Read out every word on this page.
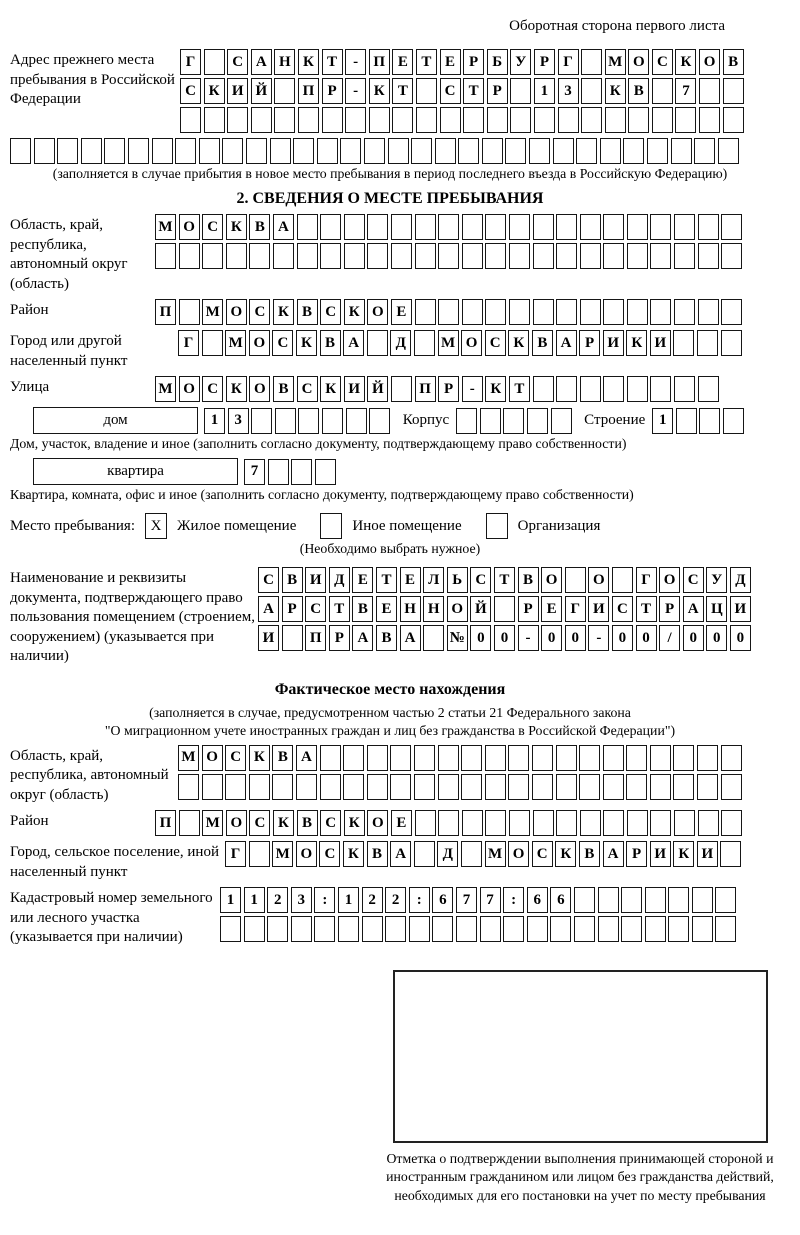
Оборотная сторона первого листа
Адрес прежнего места пребывания в Российской Федерации
Г	С А Н К Т	-	П Е Т Е Р Б У Р Г	М О С К О В
С К И Й	П Р	-	К Т	С Т Р	1	3	К В	7
(заполняется в случае прибытия в новое место пребывания в период последнего въезда в Российскую Федерацию)
2. СВЕДЕНИЯ О МЕСТЕ ПРЕБЫВАНИЯ
Область, край, республика, автономный округ (область)
М О С К В А
Район	П	М О С К В С К О Е
Город или другой населенный пункт
Г	М О С К В А	Д	М О С К В А Р И К И
Улица	М О С К О В С К И Й	П Р	-	К Т
дом	1	3	Корпус	Строение 1
Дом, участок, владение и иное (заполнить согласно документу, подтверждающему право собственности)
квартира	7
Квартира, комната, офис и иное (заполнить согласно документу, подтверждающему право собственности)
Место пребывания:	X	Жилое помещение	Иное помещение	Организация
(Необходимо выбрать нужное)
Наименование и реквизиты документа, подтверждающего право пользования помещением (строением, сооружением) (указывается при наличии)
С В И Д Е Т Е Л Ь С Т В О	О	Г О С У Д
А Р С Т В Е Н Н О Й	Р Е Г И С Т Р А Ц И
И	П Р А В А	№ 0	0	-	0	0	-	0	0	/	0	0	0
Фактическое место нахождения
(заполняется в случае, предусмотренном частью 2 статьи 21 Федерального закона
"О миграционном учете иностранных граждан и лиц без гражданства в Российской Федерации")
Область, край, республика, автономный округ (область)
М О С К В А
Район	П	М О С К В С К О Е
Город, сельское поселение, иной населенный пункт
Г	М О С К В А	Д	М О С К В А Р И К И
Кадастровый номер земельного или лесного участка (указывается при наличии)
1	1	2	3	:	1	2	2	:	6	7	7	:	6	6
Отметка о подтверждении выполнения принимающей стороной и иностранным гражданином или лицом без гражданства действий, необходимых для его постановки на учет по месту пребывания
